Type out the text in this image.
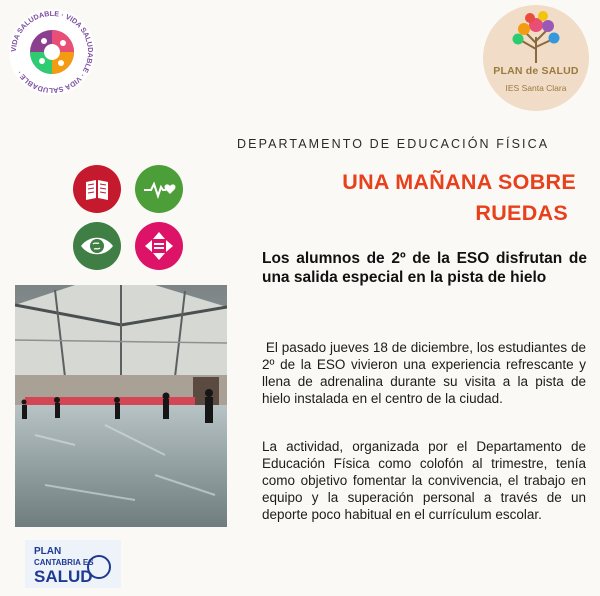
VIDA SALUDABLE · VIDA SALUDABLE · VIDA SALUDABLE ·	PLAN de SALUD
IES Santa Clara
DEPARTAMENTO DE EDUCACIÓN FÍSICA
UNA MAÑANA SOBRE
RUEDAS
Los alumnos de 2º de la ESO disfrutan de una salida especial en la pista de hielo
El pasado jueves 18 de diciembre, los estudiantes de 2º de la ESO vivieron una experiencia refrescante y llena de adrenalina durante su visita a la pista de hielo instalada en el centro de la ciudad.
La actividad, organizada por el Departamento de Educación Física como colofón al trimestre, tenía como objetivo fomentar la convivencia, el trabajo en equipo y la superación personal a través de un deporte poco habitual en el currículum escolar.
PLAN
CANTABRIA ES
SALUD
